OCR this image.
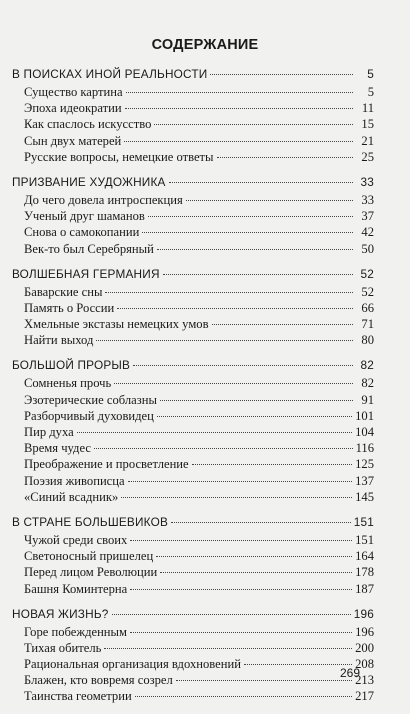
СОДЕРЖАНИЕ
В ПОИСКАХ ИНОЙ РЕАЛЬНОСТИ	5
Существо картина	5
Эпоха идеократии	11
Как спаслось искусство	15
Сын двух матерей	21
Русские вопросы, немецкие ответы	25
ПРИЗВАНИЕ ХУДОЖНИКА	33
До чего довела интроспекция	33
Ученый друг шаманов	37
Снова о самокопании	42
Век-то был Серебряный	50
ВОЛШЕБНАЯ ГЕРМАНИЯ	52
Баварские сны	52
Память о России	66
Хмельные экстазы немецких умов	71
Найти выход	80
БОЛЬШОЙ ПРОРЫВ	82
Сомненья прочь	82
Эзотерические соблазны	91
Разборчивый духовидец	101
Пир духа	104
Время чудес	116
Преображение и просветление	125
Поэзия живописца	137
«Синий всадник»	145
В СТРАНЕ БОЛЬШЕВИКОВ	151
Чужой среди своих	151
Светоносный пришелец	164
Перед лицом Революции	178
Башня Коминтерна	187
НОВАЯ ЖИЗНЬ?	196
Горе побежденным	196
Тихая обитель	200
Рациональная организация вдохновений	208
Блажен, кто вовремя созрел	213
Таинства геометрии	217
269
